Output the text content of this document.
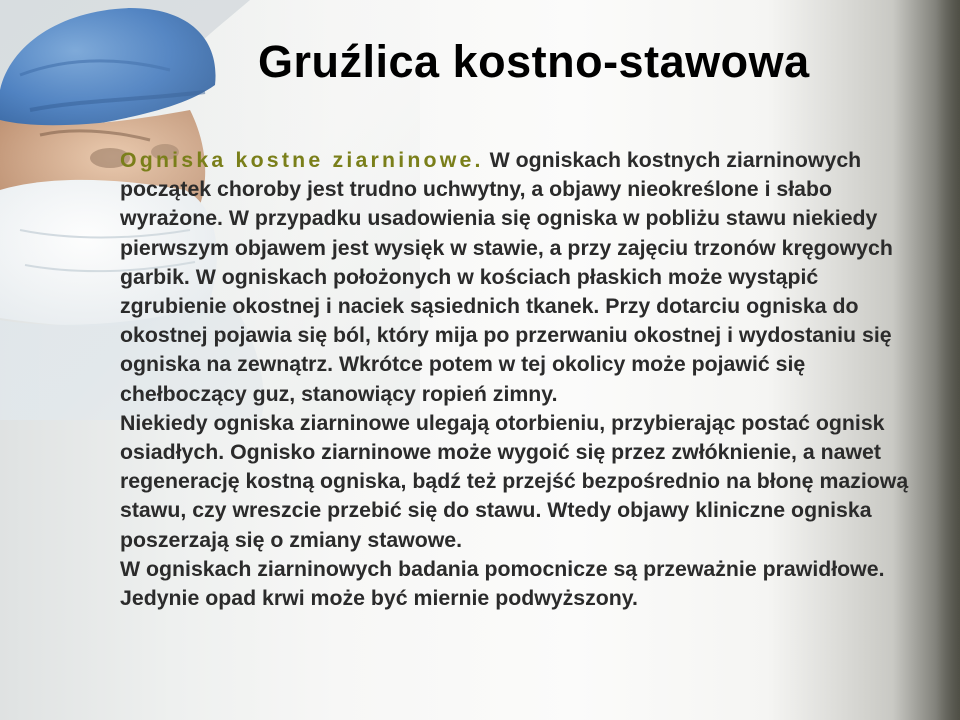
Gruźlica kostno-stawowa
Ogniska kostne ziarninowe. W ogniskach kostnych ziarninowych początek choroby jest trudno uchwytny, a objawy nieokreślone i słabo wyrażone. W przypadku usadowienia się ogniska w pobliżu stawu niekiedy pierwszym objawem jest wysięk w stawie, a przy zajęciu trzonów kręgowych garbik. W ogniskach położonych w kościach płaskich może wystąpić zgrubienie okostnej i naciek sąsiednich tkanek. Przy dotarciu ogniska do okostnej pojawia się ból, który mija po przerwaniu okostnej i wydostaniu się ogniska na zewnątrz. Wkrótce potem w tej okolicy może pojawić się chełboczący guz, stanowiący ropień zimny.
Niekiedy ogniska ziarninowe ulegają otorbieniu, przybierając postać ognisk osiadłych. Ognisko ziarninowe może wygoić się przez zwłóknienie, a nawet regenerację kostną ogniska, bądź też przejść bezpośrednio na błonę maziową stawu, czy wreszcie przebić się do stawu. Wtedy objawy kliniczne ogniska poszerzają się o zmiany stawowe.
W ogniskach ziarninowych badania pomocnicze są przeważnie prawidłowe. Jedynie opad krwi może być miernie podwyższony.
